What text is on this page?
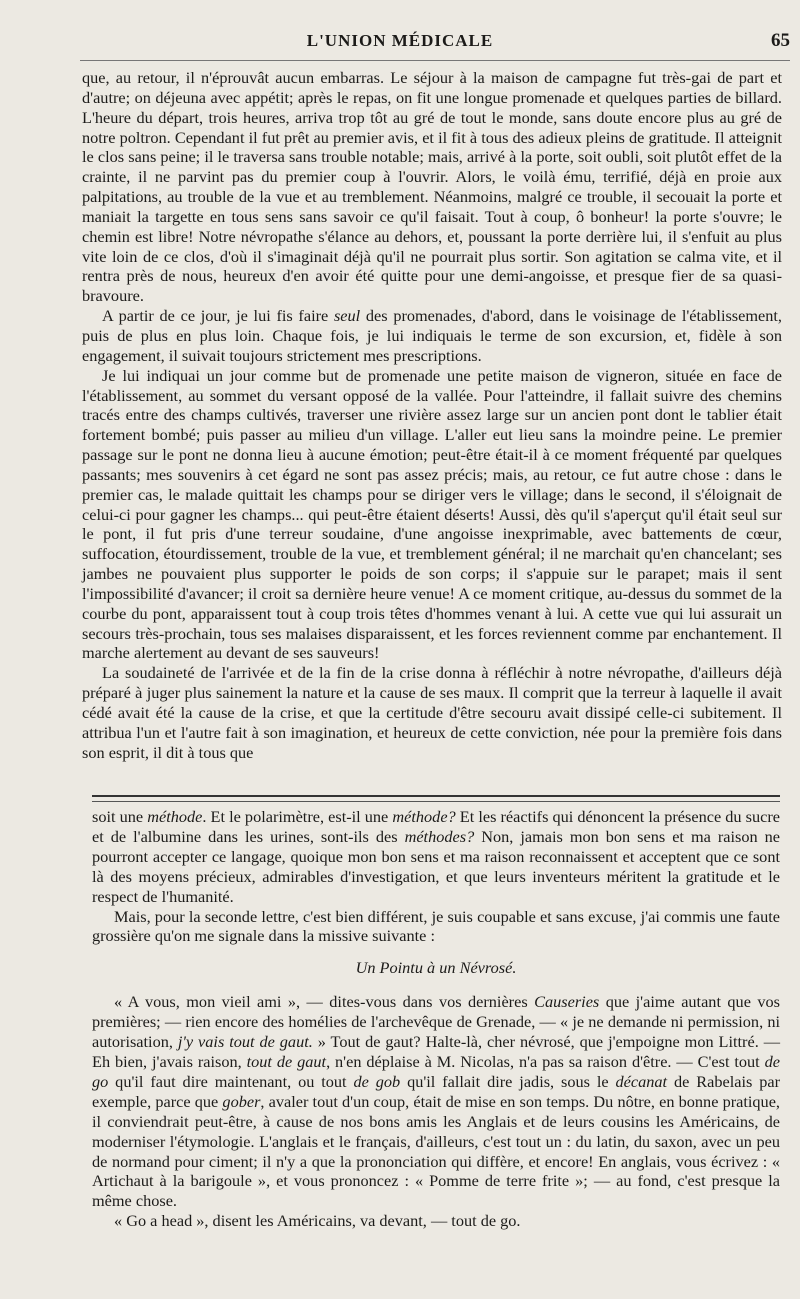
L'UNION MÉDICALE	65

que, au retour, il n'éprouvât aucun embarras. Le séjour à la maison de campagne fut très-gai de part et d'autre; on déjeuna avec appétit; après le repas, on fit une longue promenade et quelques parties de billard. L'heure du départ, trois heures, arriva trop tôt au gré de tout le monde, sans doute encore plus au gré de notre poltron. Cependant il fut prêt au premier avis, et il fit à tous des adieux pleins de gratitude. Il atteignit le clos sans peine; il le traversa sans trouble notable; mais, arrivé à la porte, soit oubli, soit plutôt effet de la crainte, il ne parvint pas du premier coup à l'ouvrir. Alors, le voilà ému, terrifié, déjà en proie aux palpitations, au trouble de la vue et au tremblement. Néanmoins, malgré ce trouble, il secouait la porte et maniait la targette en tous sens sans savoir ce qu'il faisait. Tout à coup, ô bonheur! la porte s'ouvre; le chemin est libre! Notre névropathe s'élance au dehors, et, poussant la porte derrière lui, il s'enfuit au plus vite loin de ce clos, d'où il s'imaginait déjà qu'il ne pourrait plus sortir. Son agitation se calma vite, et il rentra près de nous, heureux d'en avoir été quitte pour une demi-angoisse, et presque fier de sa quasi-bravoure.

A partir de ce jour, je lui fis faire seul des promenades, d'abord, dans le voisinage de l'établissement, puis de plus en plus loin. Chaque fois, je lui indiquais le terme de son excursion, et, fidèle à son engagement, il suivait toujours strictement mes prescriptions.

Je lui indiquai un jour comme but de promenade une petite maison de vigneron, située en face de l'établissement, au sommet du versant opposé de la vallée. Pour l'atteindre, il fallait suivre des chemins tracés entre des champs cultivés, traverser une rivière assez large sur un ancien pont dont le tablier était fortement bombé; puis passer au milieu d'un village. L'aller eut lieu sans la moindre peine. Le premier passage sur le pont ne donna lieu à aucune émotion; peut-être était-il à ce moment fréquenté par quelques passants; mes souvenirs à cet égard ne sont pas assez précis; mais, au retour, ce fut autre chose : dans le premier cas, le malade quittait les champs pour se diriger vers le village; dans le second, il s'éloignait de celui-ci pour gagner les champs... qui peut-être étaient déserts! Aussi, dès qu'il s'aperçut qu'il était seul sur le pont, il fut pris d'une terreur soudaine, d'une angoisse inexprimable, avec battements de cœur, suffocation, étourdissement, trouble de la vue, et tremblement général; il ne marchait qu'en chancelant; ses jambes ne pouvaient plus supporter le poids de son corps; il s'appuie sur le parapet; mais il sent l'impossibilité d'avancer; il croit sa dernière heure venue! A ce moment critique, au-dessus du sommet de la courbe du pont, apparaissent tout à coup trois têtes d'hommes venant à lui. A cette vue qui lui assurait un secours très-prochain, tous ses malaises disparaissent, et les forces reviennent comme par enchantement. Il marche alertement au devant de ses sauveurs!

La soudaineté de l'arrivée et de la fin de la crise donna à réfléchir à notre névropathe, d'ailleurs déjà préparé à juger plus sainement la nature et la cause de ses maux. Il comprit que la terreur à laquelle il avait cédé avait été la cause de la crise, et que la certitude d'être secouru avait dissipé celle-ci subitement. Il attribua l'un et l'autre fait à son imagination, et heureux de cette conviction, née pour la première fois dans son esprit, il dit à tous que

soit une méthode. Et le polarimètre, est-il une méthode? Et les réactifs qui dénoncent la présence du sucre et de l'albumine dans les urines, sont-ils des méthodes? Non, jamais mon bon sens et ma raison ne pourront accepter ce langage, quoique mon bon sens et ma raison reconnaissent et acceptent que ce sont là des moyens précieux, admirables d'investigation, et que leurs inventeurs méritent la gratitude et le respect de l'humanité.

Mais, pour la seconde lettre, c'est bien différent, je suis coupable et sans excuse, j'ai commis une faute grossière qu'on me signale dans la missive suivante :

Un Pointu à un Névrosé.

« A vous, mon vieil ami », — dites-vous dans vos dernières Causeries que j'aime autant que vos premières; — rien encore des homélies de l'archevêque de Grenade, — « je ne demande ni permission, ni autorisation, j'y vais tout de gaut. » Tout de gaut? Halte-là, cher névrosé, que j'empoigne mon Littré. — Eh bien, j'avais raison, tout de gaut, n'en déplaise à M. Nicolas, n'a pas sa raison d'être. — C'est tout de go qu'il faut dire maintenant, ou tout de gob qu'il fallait dire jadis, sous le décanat de Rabelais par exemple, parce que gober, avaler tout d'un coup, était de mise en son temps. Du nôtre, en bonne pratique, il conviendrait peut-être, à cause de nos bons amis les Anglais et de leurs cousins les Américains, de moderniser l'étymologie. L'anglais et le français, d'ailleurs, c'est tout un : du latin, du saxon, avec un peu de normand pour ciment; il n'y a que la prononciation qui diffère, et encore! En anglais, vous écrivez : « Artichaut à la barigoule », et vous prononcez : « Pomme de terre frite »; — au fond, c'est presque la même chose.

« Go a head », disent les Américains, va devant, — tout de go.
